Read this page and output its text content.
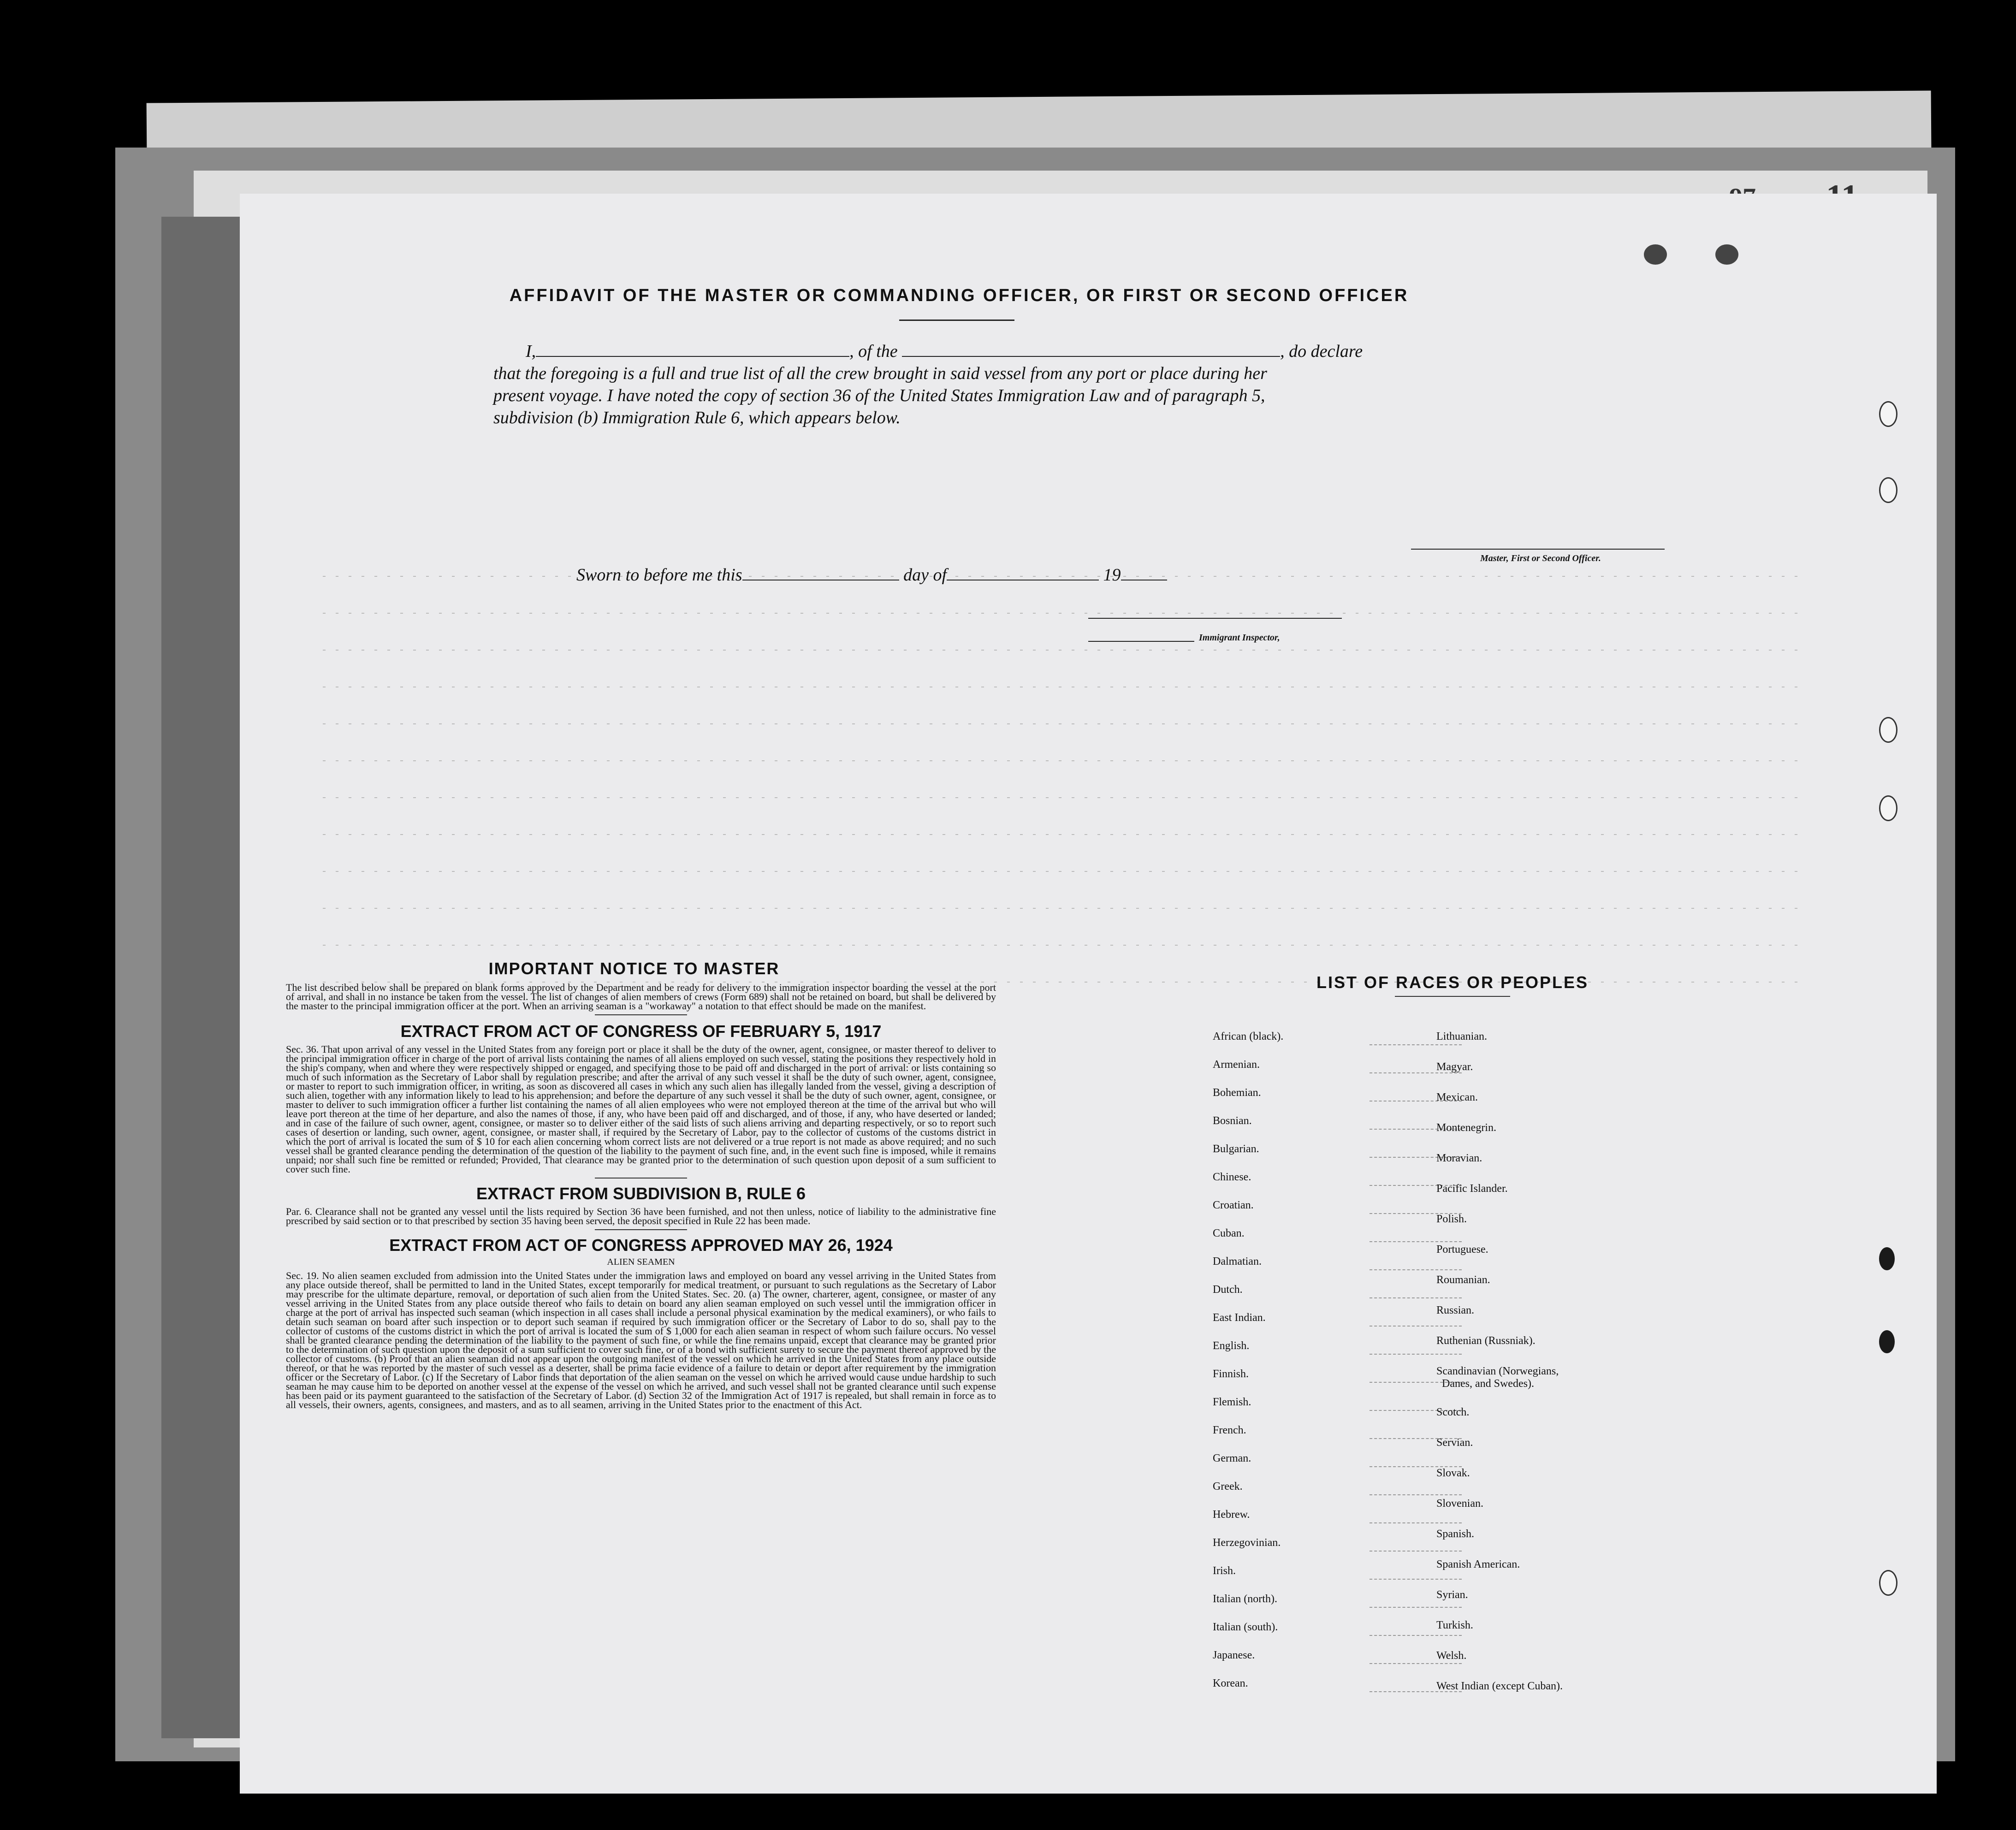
AFFIDAVIT OF THE MASTER OR COMMANDING OFFICER, OR FIRST OR SECOND OFFICER
I,	, of the	, do declare
that the foregoing is a full and true list of all the crew brought in said vessel from any port or place during her
present voyage. I have noted the copy of section 36 of the United States Immigration Law and of paragraph 5,
subdivision (b) Immigration Rule 6, which appears below.
Master, First or Second Officer.
Sworn to before me this	day of	19
Immigrant Inspector,
IMPORTANT NOTICE TO MASTER

The list described below shall be prepared on blank forms approved by the Department and be ready for delivery to the immigration inspector boarding the vessel at the port of arrival, and shall in no instance be taken from the vessel. The list of changes of alien members of crews (Form 689) shall not be retained on board, but shall be delivered by the master to the principal immigration officer at the port. When an arriving seaman is a "workaway" a notation to that effect should be made on the manifest.

EXTRACT FROM ACT OF CONGRESS OF FEBRUARY 5, 1917

Sec. 36. That upon arrival of any vessel in the United States from any foreign port or place it shall be the duty of the owner, agent, consignee, or master thereof to deliver to the principal immigration officer in charge of the port of arrival lists containing the names of all aliens employed on such vessel, stating the positions they respectively hold in the ship's company, when and where they were respectively shipped or engaged, and specifying those to be paid off and discharged in the port of arrival: or lists containing so much of such information as the Secretary of Labor shall by regulation prescribe; and after the arrival of any such vessel it shall be the duty of such owner, agent, consignee, or master to report to such immigration officer, in writing, as soon as discovered all cases in which any such alien has illegally landed from the vessel, giving a description of such alien, together with any information likely to lead to his apprehension; and before the departure of any such vessel it shall be the duty of such owner, agent, consignee, or master to deliver to such immigration officer a further list containing the names of all alien employees who were not employed thereon at the time of the arrival but who will leave port thereon at the time of her departure, and also the names of those, if any, who have been paid off and discharged, and of those, if any, who have deserted or landed; and in case of the failure of such owner, agent, consignee, or master so to deliver either of the said lists of such aliens arriving and departing respectively, or so to report such cases of desertion or landing, such owner, agent, consignee, or master shall, if required by the Secretary of Labor, pay to the collector of customs of the customs district in which the port of arrival is located the sum of $ 10 for each alien concerning whom correct lists are not delivered or a true report is not made as above required; and no such vessel shall be granted clearance pending the determination of the question of the liability to the payment of such fine, and, in the event such fine is imposed, while it remains unpaid; nor shall such fine be remitted or refunded; Provided, That clearance may be granted prior to the determination of such question upon deposit of a sum sufficient to cover such fine.

EXTRACT FROM SUBDIVISION B, RULE 6

Par. 6. Clearance shall not be granted any vessel until the lists required by Section 36 have been furnished, and not then unless, notice of liability to the administrative fine prescribed by said section or to that prescribed by section 35 having been served, the deposit specified in Rule 22 has been made.

EXTRACT FROM ACT OF CONGRESS APPROVED MAY 26, 1924
ALIEN SEAMEN

Sec. 19. No alien seamen excluded from admission into the United States under the immigration laws and employed on board any vessel arriving in the United States from any place outside thereof, shall be permitted to land in the United States, except temporarily for medical treatment, or pursuant to such regulations as the Secretary of Labor may prescribe for the ultimate departure, removal, or deportation of such alien from the United States. Sec. 20. (a) The owner, charterer, agent, consignee, or master of any vessel arriving in the United States from any place outside thereof who fails to detain on board any alien seaman employed on such vessel until the immigration officer in charge at the port of arrival has inspected such seaman (which inspection in all cases shall include a personal physical examination by the medical examiners), or who fails to detain such seaman on board after such inspection or to deport such seaman if required by such immigration officer or the Secretary of Labor to do so, shall pay to the collector of customs of the customs district in which the port of arrival is located the sum of $ 1,000 for each alien seaman in respect of whom such failure occurs. No vessel shall be granted clearance pending the determination of the liability to the payment of such fine, or while the fine remains unpaid, except that clearance may be granted prior to the determination of such question upon the deposit of a sum sufficient to cover such fine, or of a bond with sufficient surety to secure the payment thereof approved by the collector of customs. (b) Proof that an alien seaman did not appear upon the outgoing manifest of the vessel on which he arrived in the United States from any place outside thereof, or that he was reported by the master of such vessel as a deserter, shall be prima facie evidence of a failure to detain or deport after requirement by the immigration officer or the Secretary of Labor. (c) If the Secretary of Labor finds that deportation of the alien seaman on the vessel on which he arrived would cause undue hardship to such seaman he may cause him to be deported on another vessel at the expense of the vessel on which he arrived, and such vessel shall not be granted clearance until such expense has been paid or its payment guaranteed to the satisfaction of the Secretary of Labor. (d) Section 32 of the Immigration Act of 1917 is repealed, but shall remain in force as to all vessels, their owners, agents, consignees, and masters, and as to all seamen, arriving in the United States prior to the enactment of this Act.

LIST OF RACES OR PEOPLES
African (black).
Armenian.
Bohemian.
Bosnian.
Bulgarian.
Chinese.
Croatian.
Cuban.
Dalmatian.
Dutch.
East Indian.
English.
Finnish.
Flemish.
French.
German.
Greek.
Hebrew.
Herzegovinian.
Irish.
Italian (north).
Italian (south).
Japanese.
Korean.
Lithuanian.
Magyar.
Mexican.
Montenegrin.
Moravian.
Pacific Islander.
Polish.
Portuguese.
Roumanian.
Russian.
Ruthenian (Russniak).
Scandinavian (Norwegians,
Danes, and Swedes).
Scotch.
Servian.
Slovak.
Slovenian.
Spanish.
Spanish American.
Syrian.
Turkish.
Welsh.
West Indian (except Cuban).
